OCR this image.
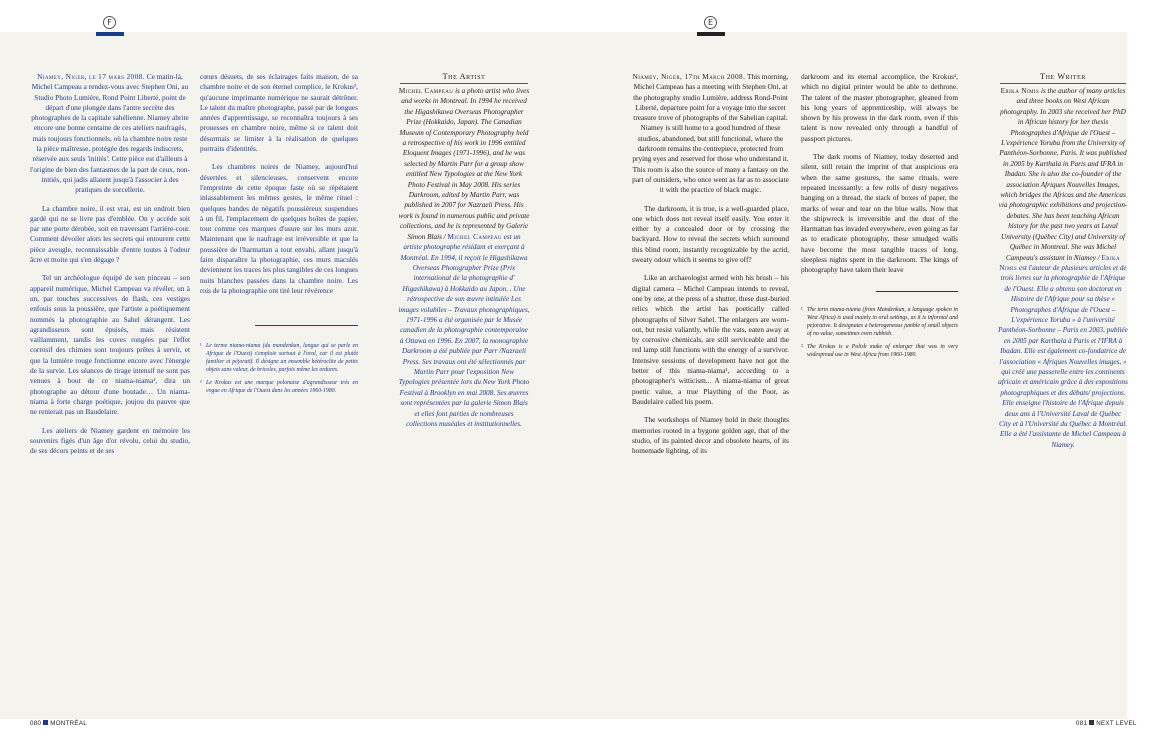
F	E

Niamey, Niger, le 17 mars 2008. Ce matin-là, Michel Campeau a rendez-vous avec Stephen Oni, au Studio Photo Lumière, Rond Point Liberté, point de départ d'une plongée dans l'antre secrète des photographes de la capitale sahélienne. Niamey abrite encore une bonne centaine de ces ateliers naufragés, mais toujours fonctionnels, où la chambre noire reste la pièce maîtresse, protégée des regards indiscrets, réservée aux seuls 'initiés'. Cette pièce est d'ailleurs à l'origine de bien des fantasmes de la part de ceux, non-initiés, qui jadis allaient jusqu'à l'associer à des pratiques de sorcellerie.

La chambre noire, il est vrai, est un endroit bien gardé qui ne se livre pas d'emblée. On y accède soit par une porte dérobée, soit en traversant l'arrière-cour. Comment dévoiler alors les secrets qui entourent cette pièce aveugle, reconnaissable d'entre toutes à l'odeur âcre et moite qui s'en dégage ?

Tel un archéologue équipé de son pinceau – son appareil numérique, Michel Campeau va révéler, un à un, par touches successives de flash, ces vestiges enfouis sous la poussière, que l'artiste a poétiquement nommés la photographie au Sahel dérangent. Les agrandisseurs sont épuisés, mais résistent vaillamment, tandis les cuves rongées par l'effet corrosif des chimies sont toujours prêtes à servir, et que la lumière rouge fonctionne encore avec l'énergie de la survie. Les séances de tirage intensif ne sont pas venues à bout de ce niama-niama¹, dira un photographe au détour d'une boutade… Un niama-niama à forte charge poétique, joujou du pauvre que ne renierait pas un Baudelaire.

Les ateliers de Niamey gardent en mémoire les souvenirs figés d'un âge d'or révolu, celui du studio, de ses décors peints et de ses

cœurs désuets, de ses éclairages faits maison, de sa chambre noire et de son éternel complice, le Krokus², qu'aucune imprimante numérique ne saurait détrôner. Le talent du maître photographe, passé par de longues années d'apprentissage, se reconnaîtra toujours à ses prouesses en chambre noire, même si ce talent doit désormais se limiter à la réalisation de quelques portraits d'identités.

Les chambres noires de Niamey, aujourd'hui désertées et silencieuses, conservent encore l'empreinte de cette époque faste où se répétaient inlassablement les mêmes gestes, le même rituel : quelques bandes de négatifs poussiéreux suspendues à un fil, l'emplacement de quelques boîtes de papier, tout comme ces marques d'usure sur les murs azur. Maintenant que le naufrage est irréversible et que la poussière de l'harmattan a tout envahi, allant jusqu'à faire disparaître la photographie, ces murs maculés deviennent les traces les plus tangibles de ces longues nuits blanches passées dans la chambre noire. Les rois de la photographie ont tiré leur révérence

¹ Le terme niama-niama (du mandenkan, langue qui se parle en Afrique de l'Ouest) s'emploie surtout à l'oral, car il est plutôt familier et péjoratif. Il désigne un ensemble hétéroclite de petits objets sans valeur, de bricoles, parfois même les ordures.
² Le Krokus est une marque polonaise d'agrandisseur très en vogue en Afrique de l'Ouest dans les années 1960-1980.
The Artist
Michel Campeau is a photo artist who lives and works in Montreal. In 1994 he received the Higashikawa Overseas Photographer Prize (Hokkaido, Japan). The Canadian Museum of Contemporary Photography held a retrospective of his work in 1996 entitled Eloquent Images (1971-1996), and he was selected by Martin Parr for a group show entitled New Typologies at the New York Photo Festival in May 2008. His series Darkroom, edited by Martin Parr, was published in 2007 for Nazraeli Press. His work is found in numerous public and private collections, and he is represented by Galerie Simon Blais / Michel Campeau est un artiste photographe résidant et exerçant à Montréal. En 1994, il reçoit le Higashikawa Overseas Photographer Prize (Prix international de la photographie d' Higashikawa) à Hokkaido au Japon. . Une rétrospective de son œuvre intitulée Les images volubiles – Travaux photographiques, 1971-1996 a été organisée par le Musée canadien de la photographie contemporaine à Ottawa en 1996. En 2007, la monographie Darkroom a été publiée par Parr /Nazraeli Press. Ses travaux ont été sélectionnés par Martin Parr pour l'exposition New Typologies présentée lors du New York Photo Festival à Brooklyn en mai 2008. Ses œuvres sont représentées par la galerie Simon Blais et elles font parties de nombreuses collections muséales et institutionnelles.

Niamey, Niger, 17th March 2008. This morning, Michel Campeau has a meeting with Stephen Oni, at the photography studio Lumière, address Rond-Point Liberté, departure point for a voyage into the secret treasure trove of photographs of the Sahelian capital. Niamey is still home to a good hundred of these studios, abandoned, but still functional, where the darkroom remains the centrepiece, protected from prying eyes and reserved for those who understand it. This room is also the source of many a fantasy on the part of outsiders, who once went as far as to associate it with the practice of black magic.

The darkroom, it is true, is a well-guarded place, one which does not reveal itself easily. You enter it either by a concealed door or by crossing the backyard. How to reveal the secrets which surround this blind room, instantly recognizable by the acrid, sweaty odour which it seems to give off?

Like an archaeologist armed with his brush – his digital camera – Michel Campeau intends to reveal, one by one, at the press of a shutter, these dust-buried relics which the artist has poetically called photographs of Silver Sahel. The enlargers are worn-out, but resist valiantly, while the vats, eaten away at by corrosive chemicals, are still serviceable and the red lamp still functions with the energy of a survivor. Intensive sessions of development have not got the better of this niama-niama¹, according to a photographer's witticism... A niama-niama of great poetic value, a true Plaything of the Poor, as Baudelaire called his poem.

The workshops of Niamey hold in their thoughts memories rooted in a bygone golden age, that of the studio, of its painted decor and obsolete hearts, of its homemade lighting, of its

darkroom and its eternal accomplice, the Krokus², which no digital printer would be able to dethrone. The talent of the master photographer, gleaned from his long years of apprenticeship, will always be shown by his prowess in the dark room, even if this talent is now revealed only through a handful of passport pictures.

The dark rooms of Niamey, today deserted and silent, still retain the imprint of that auspicious era when the same gestures, the same rituals, were repeated incessantly: a few rolls of dusty negatives hanging on a thread, the stack of boxes of paper, the marks of wear and tear on the blue walls. Now that the shipwreck is irreversible and the dust of the Harmattan has invaded everywhere, even going as far as to eradicate photography, these smudged walls have become the most tangible traces of long, sleepless nights spent in the darkroom. The kings of photography have taken their leave

¹ The term niama-niama (from Mandenkan, a language spoken in West Africa) is used mainly in oral settings, as it is informal and pejorative. It designates a heterogeneous jumble of small objects of no value, sometimes even rubbish.
² The Krokus is a Polish make of enlarger that was in very widespread use in West Africa from 1960-1980.
The Writer
Erika Nimis is the author of many articles and three books on West African photography. In 2003 she received her PhD in African history for her thesis Photographes d'Afrique de l'Ouest – L'expérience Yoruba from the University of Panthéon-Sorbonne, Paris. It was published in 2005 by Karthala in Paris and IFRA in Ibadan. She is also the co-founder of the association Afriques Nouvelles Images, which bridges the Africas and the Americas via photographic exhibitions and projection-debates. She has been teaching African history for the past two years at Laval University (Québec City) and University of Québec in Montreal. She was Michel Campeau's assistant in Niamey / Erika Nimis est l'auteur de plusieurs articles et de trois livres sur la photographie de l'Afrique de l'Ouest. Elle a obtenu son doctorat en Histoire de l'Afrique pour sa thèse « Photographes d'Afrique de l'Ouest – L'expérience Yoruba » à l'université Panthéon-Sorbonne – Paris en 2003, publiée en 2005 par Karthala à Paris et l'IFRA à Ibadan. Elle est également co-fondatrice de l'association « Afriques Nouvelles images, » qui créé une passerelle entre les continents africain et américain grâce à des expositions photographiques et des débats/ projections. Elle enseigne l'histoire de l'Afrique depuis deux ans à l'Université Laval de Québec City et à l'Université du Québec à Montréal. Elle a été l'assistante de Michel Campeau à Niamey.
080 MONTRÉAL	081 NEXT LEVEL
